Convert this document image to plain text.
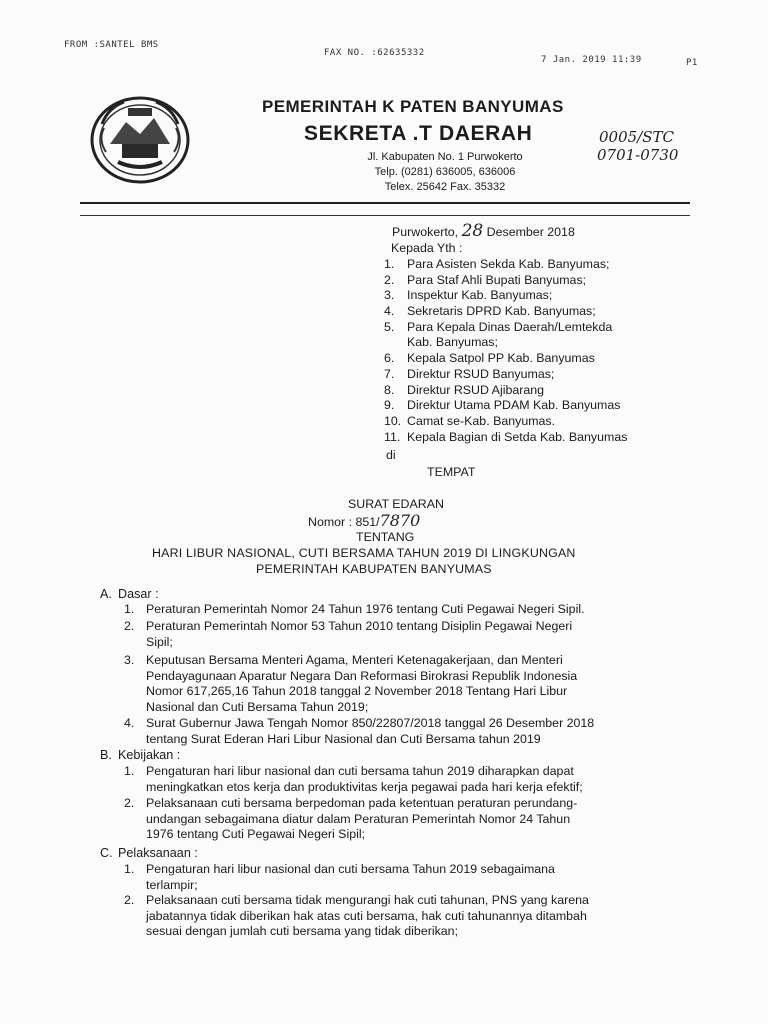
FROM :SANTEL BMS
FAX NO. :62635332
7 Jan. 2019 11:39	P1
PEMERINTAH K PATEN BANYUMAS
SEKRETA .T DAERAH	0005/STC
0701-0730
Jl. Kabupaten No. 1 Purwokerto
Telp. (0281) 636005, 636006
Telex. 25642 Fax. 35332
Purwokerto, 28 Desember 2018
Kepada Yth :
1. Para Asisten Sekda Kab. Banyumas;
2. Para Staf Ahli Bupati Banyumas;
3. Inspektur Kab. Banyumas;
4. Sekretaris DPRD Kab. Banyumas;
5. Para Kepala Dinas Daerah/Lemtekda
Kab. Banyumas;
6. Kepala Satpol PP Kab. Banyumas
7. Direktur RSUD Banyumas;
8. Direktur RSUD Ajibarang
9. Direktur Utama PDAM Kab. Banyumas
10. Camat se-Kab. Banyumas.
11. Kepala Bagian di Setda Kab. Banyumas
di
TEMPAT
SURAT EDARAN
Nomor : 851/7870
TENTANG
HARI LIBUR NASIONAL, CUTI BERSAMA TAHUN 2019 DI LINGKUNGAN
PEMERINTAH KABUPATEN BANYUMAS
A. Dasar :
1. Peraturan Pemerintah Nomor 24 Tahun 1976 tentang Cuti Pegawai Negeri Sipil.
2. Peraturan Pemerintah Nomor 53 Tahun 2010 tentang Disiplin Pegawai Negeri
Sipil;
3. Keputusan Bersama Menteri Agama, Menteri Ketenagakerjaan, dan Menteri
Pendayagunaan Aparatur Negara Dan Reformasi Birokrasi Republik Indonesia
Nomor 617,265,16 Tahun 2018 tanggal 2 November 2018 Tentang Hari Libur
Nasional dan Cuti Bersama Tahun 2019;
4. Surat Gubernur Jawa Tengah Nomor 850/22807/2018 tanggal 26 Desember 2018
tentang Surat Ederan Hari Libur Nasional dan Cuti Bersama tahun 2019
B. Kebijakan :
1. Pengaturan hari libur nasional dan cuti bersama tahun 2019 diharapkan dapat
meningkatkan etos kerja dan produktivitas kerja pegawai pada hari kerja efektif;
2. Pelaksanaan cuti bersama berpedoman pada ketentuan peraturan perundang-
undangan sebagaimana diatur dalam Peraturan Pemerintah Nomor 24 Tahun
1976 tentang Cuti Pegawai Negeri Sipil;
C. Pelaksanaan :
1. Pengaturan hari libur nasional dan cuti bersama Tahun 2019 sebagaimana
terlampir;
2. Pelaksanaan cuti bersama tidak mengurangi hak cuti tahunan, PNS yang karena
jabatannya tidak diberikan hak atas cuti bersama, hak cuti tahunannya ditambah
sesuai dengan jumlah cuti bersama yang tidak diberikan;
